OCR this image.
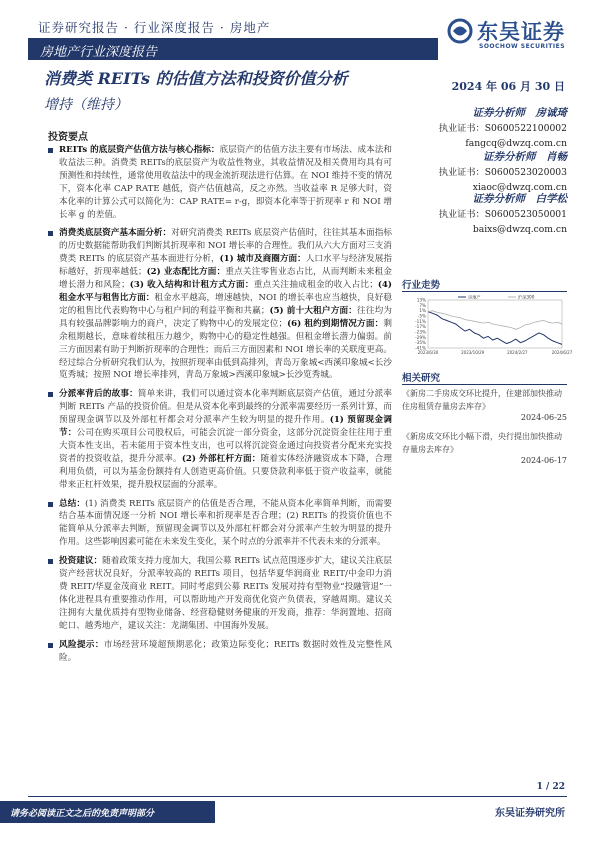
证券研究报告 · 行业深度报告 · 房地产
房地产行业深度报告
东吴证券
SOOCHOW SECURITIES
消费类 REITs 的估值方法和投资价值分析	2024 年 06 月 30 日
增持（维持）	证券分析师　 房诚琦
执业证书：S0600522100002
fangcq@dwzq.com.cn
证券分析师　 肖畅
执业证书：S0600523020003
xiaoc@dwzq.com.cn
证券分析师　 白学松
执业证书：S0600523050001
baixs@dwzq.com.cn
投资要点
REITs 的底层资产估值方法与核心指标：底层资产的估值方法主要有市场法、成本法和收益法三种。消费类 REITs的底层资产为收益性物业，其收益情况及相关费用均具有可预测性和持续性，通常使用收益法中的现金流折现法进行估算。在 NOI 维持不变的情况下，资本化率 CAP RATE 越低，资产估值越高，反之亦然。当收益率 R 足够大时，资本化率的计算公式可以简化为：CAP RATE= r-g，即资本化率等于折现率 r 和 NOI 增长率 g 的差值。
消费类底层资产基本面分析：对研究消费类 REITs 底层资产估值时，往往其基本面指标的历史数据能帮助我们判断其折现率和 NOI 增长率的合理性。我们从六大方面对三支消费类 REITs 的底层资产基本面进行分析，(1) 城市及商圈方面：人口水平与经济发展指标越好，折现率越低；(2) 业态配比方面：重点关注零售业态占比，从而判断未来租金增长潜力和风险；(3) 收入结构和计租方式方面：重点关注抽成租金的收入占比；(4) 租金水平与租售比方面：租金水平越高，增速越快，NOI 的增长率也应当越快，良好稳定的租售比代表购物中心与租户间的利益平衡和共赢；(5) 前十大租户方面：往往均为具有较强品牌影响力的商户，决定了购物中心的发展定位；(6) 租约到期情况方面：剩余租期越长，意味着续租压力越少，购物中心的稳定性越强。但租金增长潜力偏弱。前三方面因素有助于判断折现率的合理性；而后三方面因素和 NOI 增长率的关联度更高。经过综合分析研究我们认为，按照折现率由低到高排列，青岛万象城<西溪印象城<长沙览秀城；按照 NOI 增长率排列，青岛万象城>西溪印象城>长沙览秀城。
分派率背后的故事：简单来讲，我们可以通过资本化率判断底层资产估值，通过分派率判断 REITs 产品的投资价值。但是从资本化率到最终的分派率需要经历一系列计算，而预留现金调节以及外部杠杆都会对分派率产生较为明显的提升作用。(1) 预留现金调节：公司在购买项目公司股权后，可能会沉淀一部分资金，这部分沉淀资金往往用于重大资本性支出，若未能用于资本性支出，也可以将沉淀资金通过向投资者分配来充实投资者的投资收益，提升分派率。(2) 外部杠杆方面：随着实体经济融资成本下降，合理利用负债，可以为基金份额持有人创造更高价值。只要贷款利率低于资产收益率，就能带来正杠杆效果，提升股权层面的分派率。
总结：(1) 消费类 REITs 底层资产的估值是否合理，不能从资本化率简单判断，而需要结合基本面情况逐一分析 NOI 增长率和折现率是否合理；(2) REITs 的投资价值也不能简单从分派率去判断，预留现金调节以及外部杠杆都会对分派率产生较为明显的提升作用。这些影响因素可能在未来发生变化，某个时点的分派率并不代表未来的分派率。
投资建议：随着政策支持力度加大，我国公募 REITs 试点范围逐步扩大，建议关注底层资产经营状况良好，分派率较高的 REITs 项目，包括华夏华润商业 REIT/中金印力消费 REIT/华夏金茂商业 REIT。同时考虑到公募 REITs 发展对持有型物业“投融管退”一体化进程具有重要推动作用，可以帮助地产开发商优化资产负债表，穿越周期。建议关注拥有大量优质持有型物业储备、经营稳健财务健康的开发商，推荐：华润置地、招商蛇口、越秀地产，建议关注：龙湖集团、中国海外发展。
风险提示：市场经营环境超预期恶化；政策边际变化；REITs 数据时效性及完整性风险。
行业走势
13%
7%
1%
-5%
-11%
-17%
-23%
-29%
-35%
-41%
2023/6/30	2023/10/29	2024/2/27	2024/6/27
房地产	沪深300
相关研究
《新房二手房成交环比提升，住建部加快推动住房租赁存量房去库存》
2024-06-25
《新房成交环比小幅下滑，央行提出加快推动存量房去库存》
2024-06-17
1 / 22
请务必阅读正文之后的免责声明部分	东吴证券研究所
